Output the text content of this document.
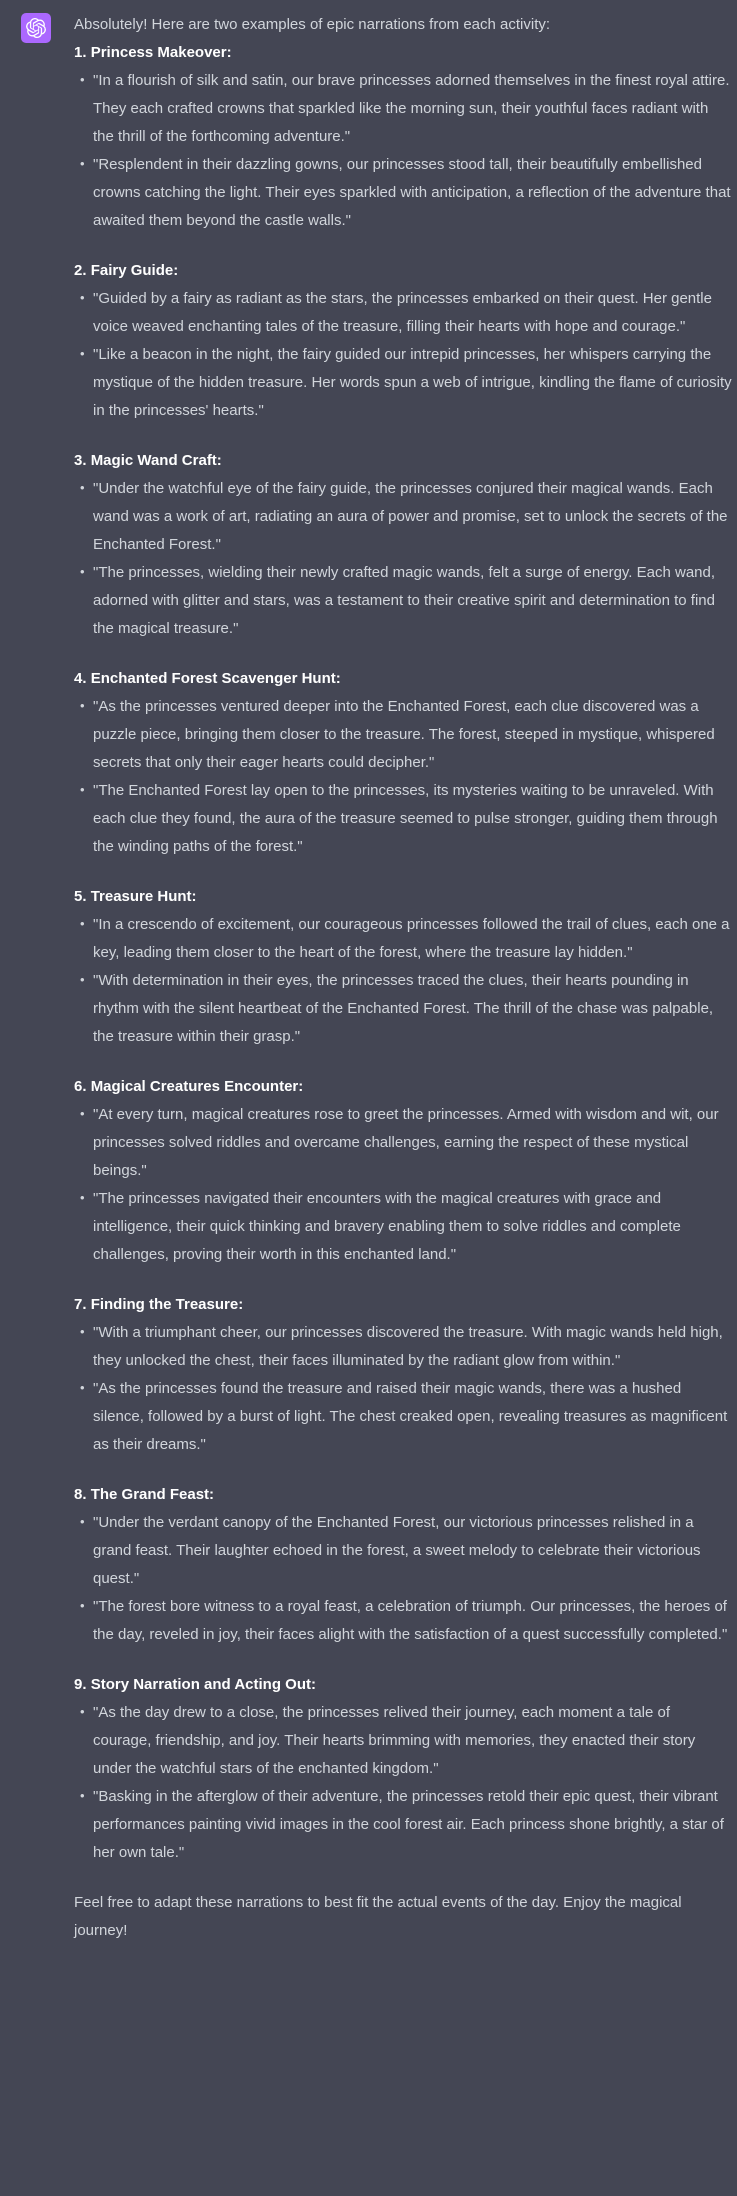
Absolutely! Here are two examples of epic narrations from each activity:

1. Princess Makeover:

• "In a flourish of silk and satin, our brave princesses adorned themselves in the finest royal attire. They each crafted crowns that sparkled like the morning sun, their youthful faces radiant with the thrill of the forthcoming adventure."
• "Resplendent in their dazzling gowns, our princesses stood tall, their beautifully embellished crowns catching the light. Their eyes sparkled with anticipation, a reflection of the adventure that awaited them beyond the castle walls."

2. Fairy Guide:

• "Guided by a fairy as radiant as the stars, the princesses embarked on their quest. Her gentle voice weaved enchanting tales of the treasure, filling their hearts with hope and courage."
• "Like a beacon in the night, the fairy guided our intrepid princesses, her whispers carrying the mystique of the hidden treasure. Her words spun a web of intrigue, kindling the flame of curiosity in the princesses' hearts."

3. Magic Wand Craft:

• "Under the watchful eye of the fairy guide, the princesses conjured their magical wands. Each wand was a work of art, radiating an aura of power and promise, set to unlock the secrets of the Enchanted Forest."
• "The princesses, wielding their newly crafted magic wands, felt a surge of energy. Each wand, adorned with glitter and stars, was a testament to their creative spirit and determination to find the magical treasure."

4. Enchanted Forest Scavenger Hunt:

• "As the princesses ventured deeper into the Enchanted Forest, each clue discovered was a puzzle piece, bringing them closer to the treasure. The forest, steeped in mystique, whispered secrets that only their eager hearts could decipher."
• "The Enchanted Forest lay open to the princesses, its mysteries waiting to be unraveled. With each clue they found, the aura of the treasure seemed to pulse stronger, guiding them through the winding paths of the forest."

5. Treasure Hunt:

• "In a crescendo of excitement, our courageous princesses followed the trail of clues, each one a key, leading them closer to the heart of the forest, where the treasure lay hidden."
• "With determination in their eyes, the princesses traced the clues, their hearts pounding in rhythm with the silent heartbeat of the Enchanted Forest. The thrill of the chase was palpable, the treasure within their grasp."

6. Magical Creatures Encounter:

• "At every turn, magical creatures rose to greet the princesses. Armed with wisdom and wit, our princesses solved riddles and overcame challenges, earning the respect of these mystical beings."
• "The princesses navigated their encounters with the magical creatures with grace and intelligence, their quick thinking and bravery enabling them to solve riddles and complete challenges, proving their worth in this enchanted land."

7. Finding the Treasure:

• "With a triumphant cheer, our princesses discovered the treasure. With magic wands held high, they unlocked the chest, their faces illuminated by the radiant glow from within."
• "As the princesses found the treasure and raised their magic wands, there was a hushed silence, followed by a burst of light. The chest creaked open, revealing treasures as magnificent as their dreams."

8. The Grand Feast:

• "Under the verdant canopy of the Enchanted Forest, our victorious princesses relished in a grand feast. Their laughter echoed in the forest, a sweet melody to celebrate their victorious quest."
• "The forest bore witness to a royal feast, a celebration of triumph. Our princesses, the heroes of the day, reveled in joy, their faces alight with the satisfaction of a quest successfully completed."

9. Story Narration and Acting Out:

• "As the day drew to a close, the princesses relived their journey, each moment a tale of courage, friendship, and joy. Their hearts brimming with memories, they enacted their story under the watchful stars of the enchanted kingdom."
• "Basking in the afterglow of their adventure, the princesses retold their epic quest, their vibrant performances painting vivid images in the cool forest air. Each princess shone brightly, a star of her own tale."

Feel free to adapt these narrations to best fit the actual events of the day. Enjoy the magical journey!
